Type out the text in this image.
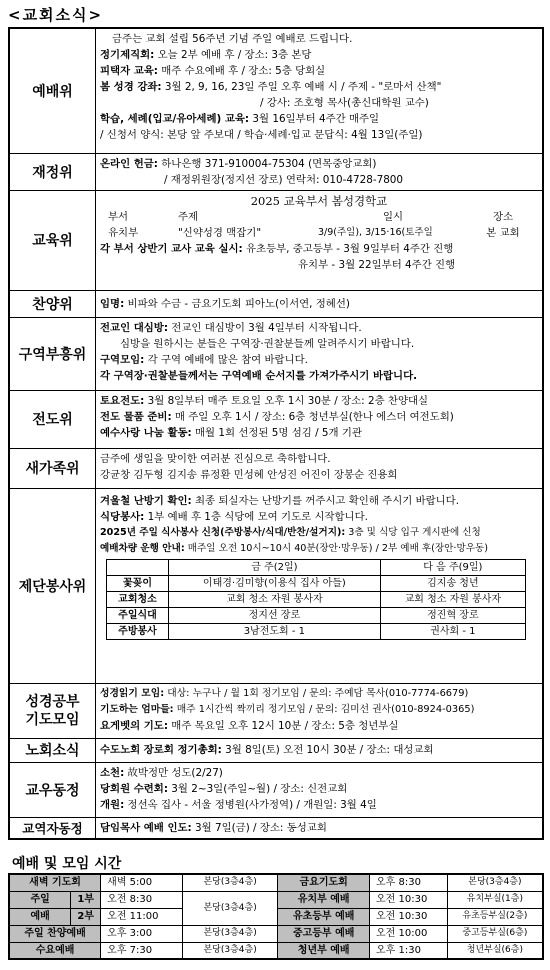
<교회소식>
예배위	
금주는 교회 설립 56주년 기념 주일 예배로 드립니다.
정기제직회: 오늘 2부 예배 후 / 장소: 3층 본당
피택자 교육: 매주 수요예배 후 / 장소: 5층 당회실
봄 성경 강좌: 3월 2, 9, 16, 23일 주일 오후 예배 시 / 주제 - "로마서 산책"
/ 강사: 조호형 목사(총신대학원 교수)
학습, 세례(입교/유아세례) 교육: 3월 16일부터 4주간 매주일
/ 신청서 양식: 본당 앞 주보대 / 학습·세례·입교 문답식: 4월 13일(주일)

재정위	
온라인 헌금: 하나은행 371-910004-75304 (면목중앙교회)
/ 재정위원장(정지선 장로) 연락처: 010-4728-7800

교육위	
2025 교육부서 봄성경학교
부서	주제	일시	장소
유치부	"신약성경 맥잡기"	3/9(주일), 3/15·16(토주일	본 교회
각 부서 상반기 교사 교육 실시: 유초등부, 중고등부 - 3월 9일부터 4주간 진행
유치부 - 3월 22일부터 4주간 진행

찬양위	임명: 비파와 수금 - 금요기도회 피아노(이서연, 정혜선)

구역부흥위	
전교인 대심방: 전교인 대심방이 3월 4일부터 시작됩니다.
심방을 원하시는 분들은 구역장·권찰분들께 알려주시기 바랍니다.
구역모임: 각 구역 예배에 많은 참여 바랍니다.
각 구역장·권찰분들께서는 구역예배 순서지를 가져가주시기 바랍니다.

전도위	
토요전도: 3월 8일부터 매주 토요일 오후 1시 30분 / 장소: 2층 찬양대실
전도 물품 준비: 매 주일 오후 1시 / 장소: 6층 청년부실(한나 에스더 여전도회)
예수사랑 나눔 활동: 매월 1회 선정된 5명 섬김 / 5개 기관

새가족위	
금주에 생일을 맞이한 여러분 진심으로 축하합니다.
강균창 김두형 김지송 류정환 민성혜 안성진 어진이 장봉순 진용희

제단봉사위	
겨울철 난방기 확인: 최종 퇴실자는 난방기를 꺼주시고 확인해 주시기 바랍니다.
식당봉사: 1부 예배 후 1층 식당에 모여 기도로 시작합니다.
2025년 주일 식사봉사 신청(주방봉사/식대/반찬/설거지): 3층 및 식당 입구 게시판에 신청
예배차량 운행 안내: 매주일 오전 10시~10시 40분(장안·망우동) / 2부 예배 후(장안·망우동)
	금 주(2일)	다 음 주(9일)
꽃꽂이	이태경·김미향(이용식 집사 아들)	김지송 청년
교회청소	교회 청소 자원 봉사자	교회 청소 자원 봉사자
주일식대	정지선 장로	정진혁 장로
주방봉사	3남전도회 - 1	권사회 - 1

성경공부
기도모임	
성경읽기 모임: 대상: 누구나 / 월 1회 정기모임 / 문의: 주예담 목사(010-7774-6679)
기도하는 엄마들: 매주 1시간씩 짝끼리 정기모임 / 문의: 김미선 권사(010-8924-0365)
요게벳의 기도: 매주 목요일 오후 12시 10분 / 장소: 5층 청년부실

노회소식	수도노회 장로회 정기총회: 3월 8일(토) 오전 10시 30분 / 장소: 대성교회

교우동정	
소천: 故박정만 성도(2/27)
당회원 수련회: 3월 2~3일(주일~월) / 장소: 신전교회
개원: 정선옥 집사 - 서울 정병원(사가정역) / 개원일: 3월 4일

교역자동정	담임목사 예배 인도: 3월 7일(금) / 장소: 동성교회
예배 및 모임 시간
새벽 기도회		새벽 5:00	본당(3층4층)	금요기도회	오후 8:30	본당(3층4층)
주일	1부	오전 8:30	본당(3층4층)	유치부 예배	오전 10:30	유치부실(1층)
예배	2부	오전 11:00		유초등부 예배	오전 10:30	유초등부실(2층)
주일 찬양예배		오후 3:00	본당(3층4층)	중고등부 예배	오전 10:00	중고등부실(6층)
수요예배		오후 7:30	본당(3층4층)	청년부 예배	오후 1:30	청년부실(6층)
